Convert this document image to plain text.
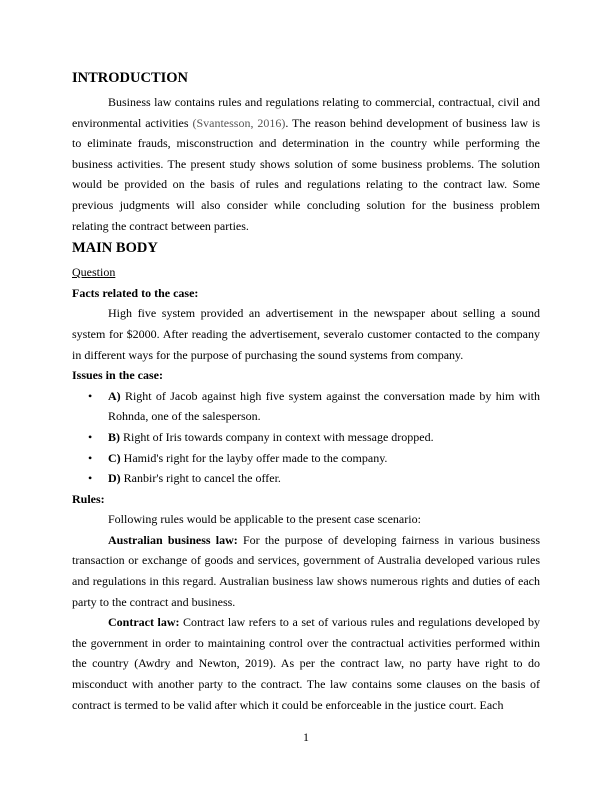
INTRODUCTION

Business law contains rules and regulations relating to commercial, contractual, civil and environmental activities (Svantesson, 2016). The reason behind development of business law is to eliminate frauds, misconstruction and determination in the country while performing the business activities. The present study shows solution of some business problems. The solution would be provided on the basis of rules and regulations relating to the contract law. Some previous judgments will also consider while concluding solution for the business problem relating the contract between parties.

MAIN BODY

Question

Facts related to the case:

High five system provided an advertisement in the newspaper about selling a sound system for $2000. After reading the advertisement, severalo customer contacted to the company in different ways for the purpose of purchasing the sound systems from company.

Issues in the case:

• A) Right of Jacob against high five system against the conversation made by him with Rohnda, one of the salesperson.
• B) Right of Iris towards company in context with message dropped.
• C) Hamid's right for the layby offer made to the company.
• D) Ranbir's right to cancel the offer.

Rules:

Following rules would be applicable to the present case scenario:

Australian business law: For the purpose of developing fairness in various business transaction or exchange of goods and services, government of Australia developed various rules and regulations in this regard. Australian business law shows numerous rights and duties of each party to the contract and business.

Contract law: Contract law refers to a set of various rules and regulations developed by the government in order to maintaining control over the contractual activities performed within the country (Awdry and Newton, 2019). As per the contract law, no party have right to do misconduct with another party to the contract. The law contains some clauses on the basis of contract is termed to be valid after which it could be enforceable in the justice court. Each

1
